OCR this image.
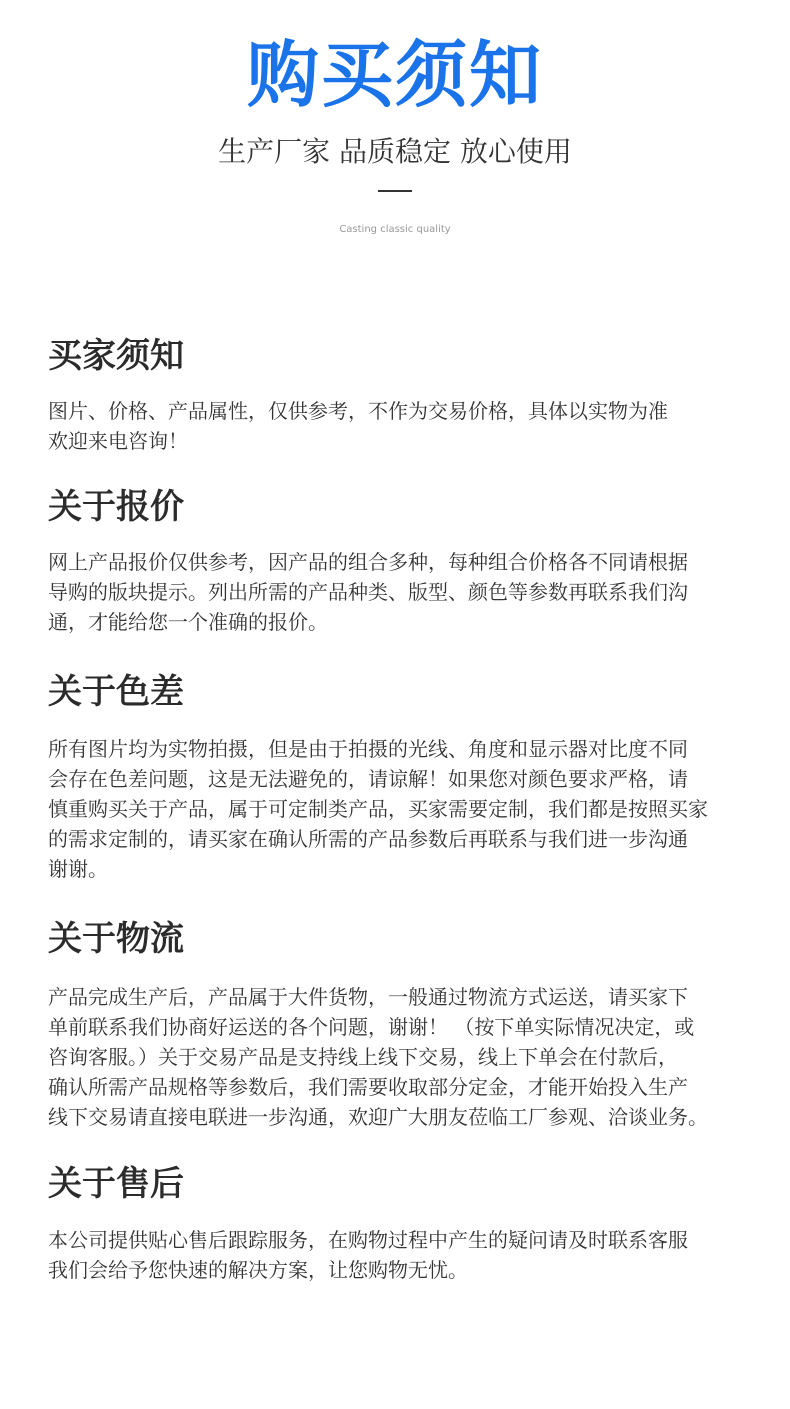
购买须知
生产厂家 品质稳定 放心使用
Casting classic quality
买家须知

图片、价格、产品属性，仅供参考，不作为交易价格，具体以实物为准
欢迎来电咨询！

关于报价

网上产品报价仅供参考，因产品的组合多种，每种组合价格各不同请根据
导购的版块提示。列出所需的产品种类、版型、颜色等参数再联系我们沟
通，才能给您一个准确的报价。

关于色差

所有图片均为实物拍摄，但是由于拍摄的光线、角度和显示器对比度不同
会存在色差问题，这是无法避免的，请谅解！如果您对颜色要求严格，请
慎重购买关于产品，属于可定制类产品，买家需要定制，我们都是按照买家
的需求定制的，请买家在确认所需的产品参数后再联系与我们进一步沟通
谢谢。

关于物流

产品完成生产后，产品属于大件货物，一般通过物流方式运送，请买家下
单前联系我们协商好运送的各个问题，谢谢！ （按下单实际情况决定，或
咨询客服。）关于交易产品是支持线上线下交易，线上下单会在付款后，
确认所需产品规格等参数后，我们需要收取部分定金，才能开始投入生产
线下交易请直接电联进一步沟通，欢迎广大朋友莅临工厂参观、洽谈业务。

关于售后

本公司提供贴心售后跟踪服务，在购物过程中产生的疑问请及时联系客服
我们会给予您快速的解决方案，让您购物无忧。
